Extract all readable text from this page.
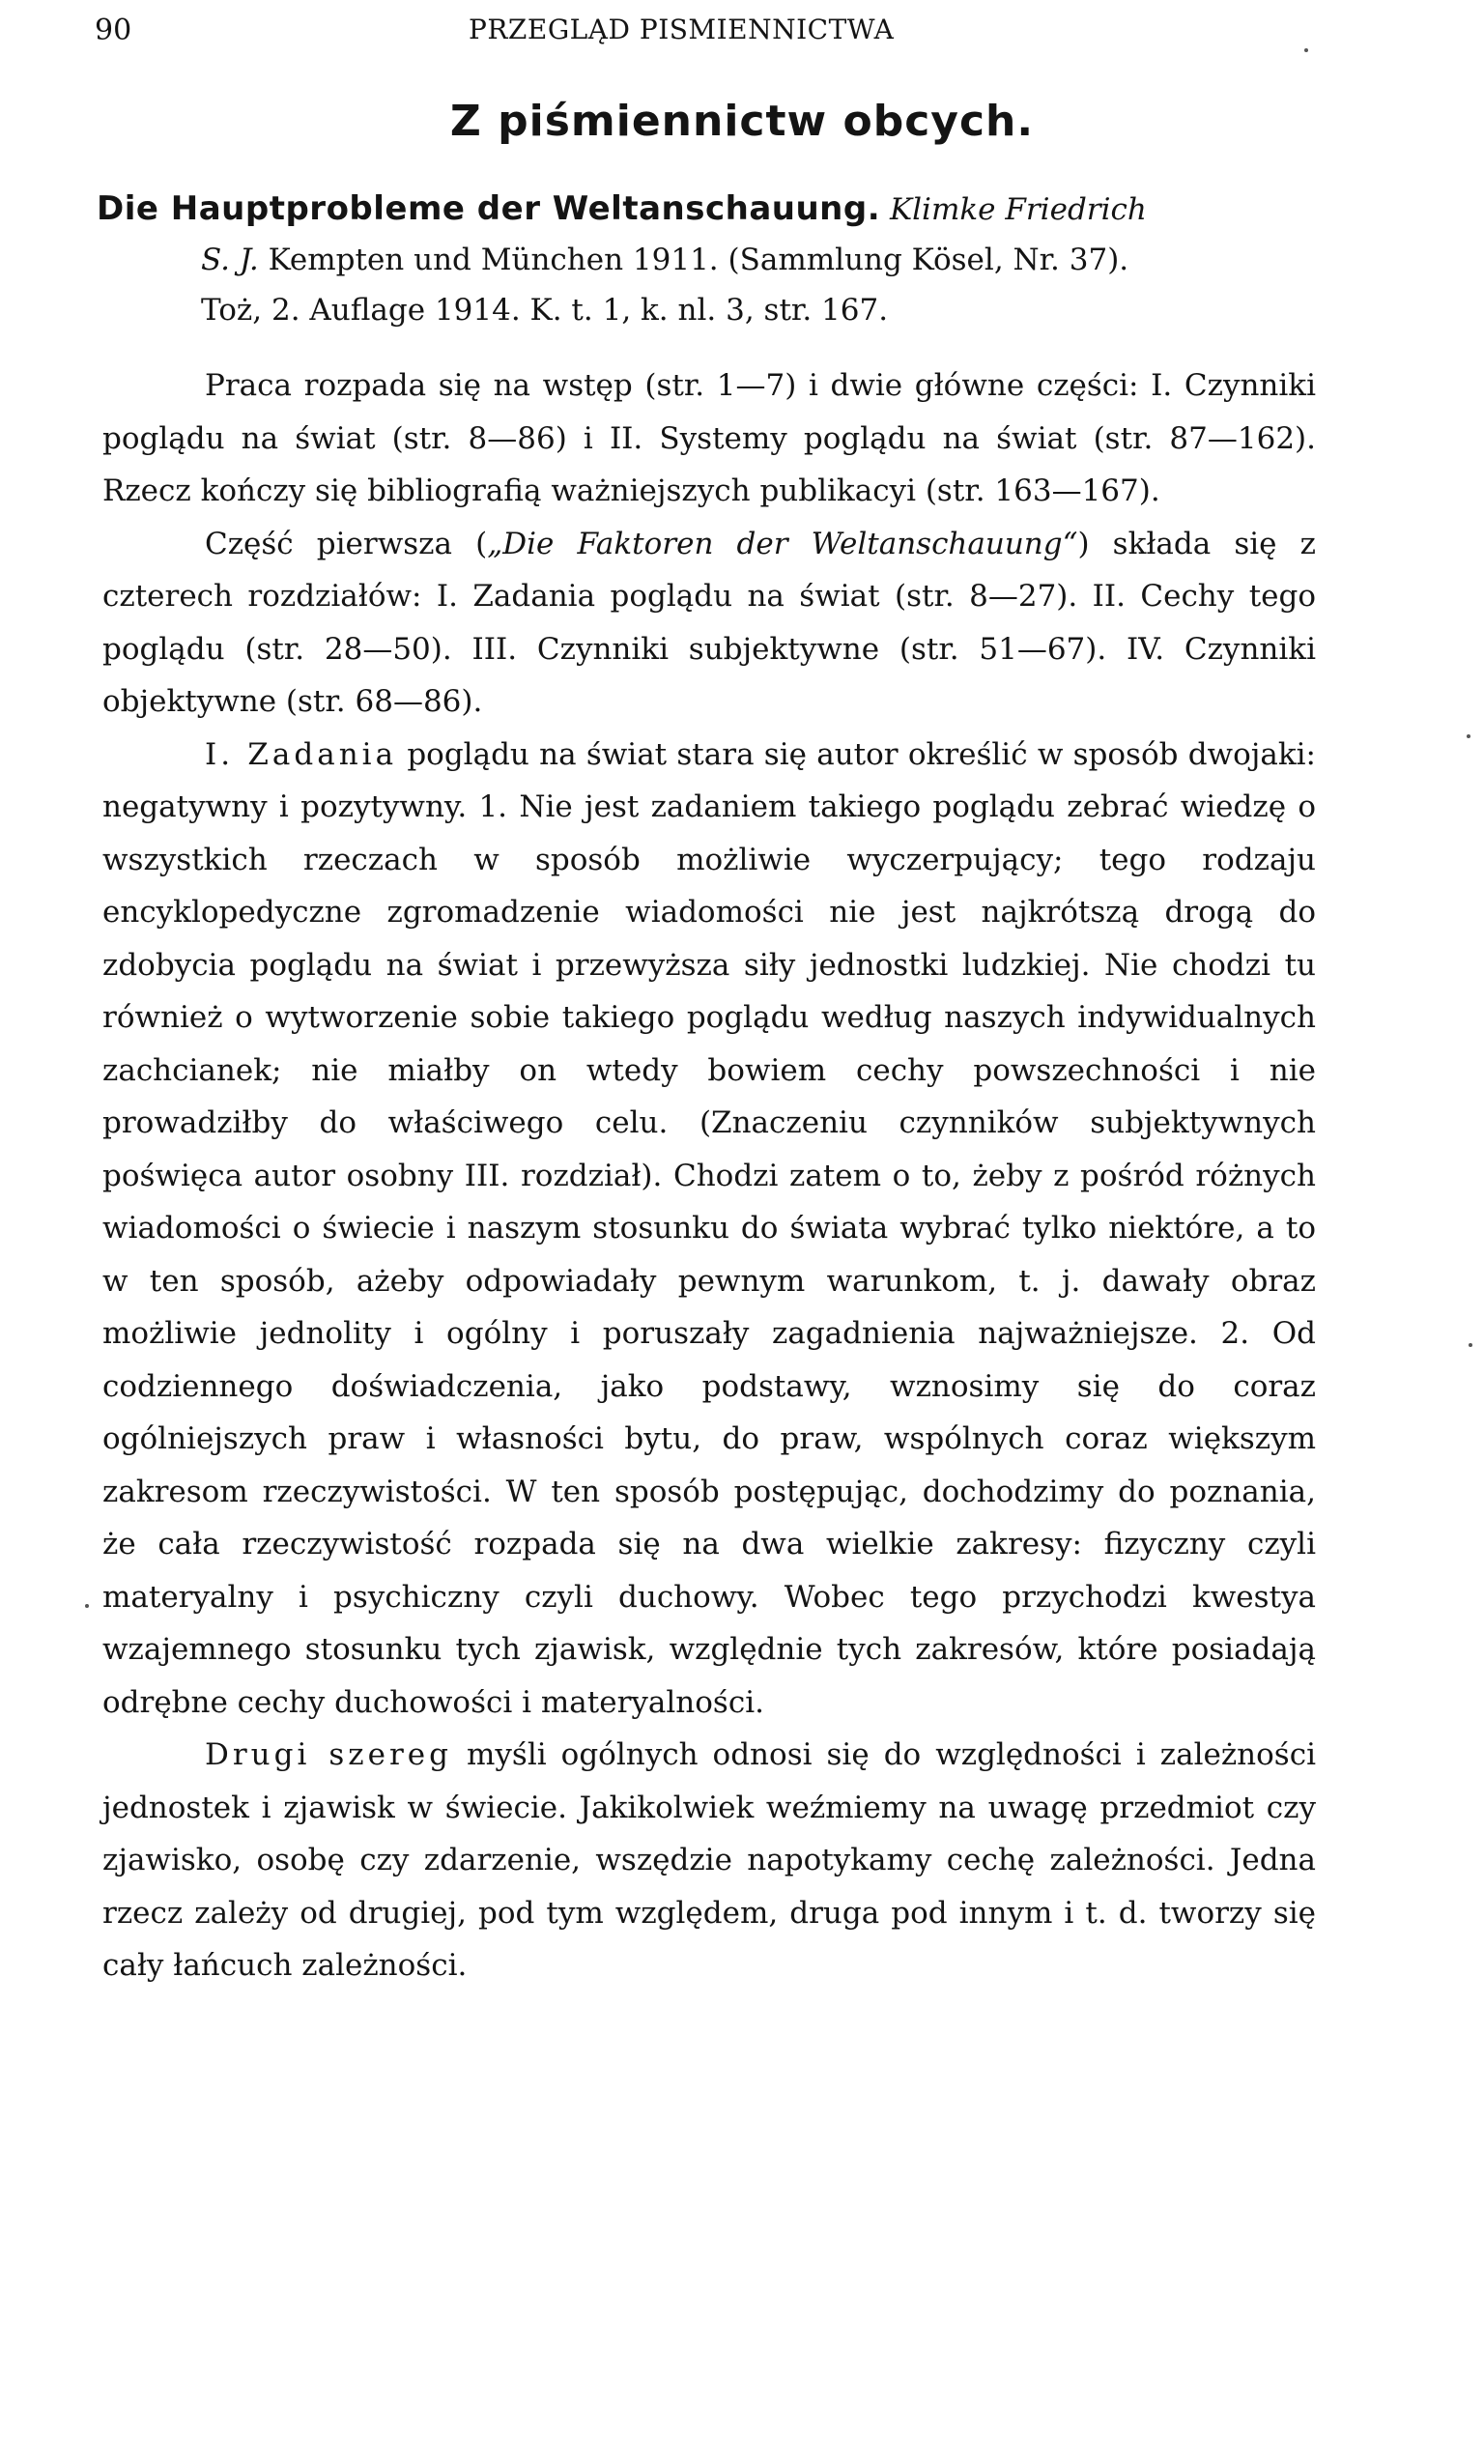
90	PRZEGLĄD PISMIENNICTWA
Z piśmiennictw obcych.
Die Hauptprobleme der Weltanschauung. Klimke Friedrich
S. J. Kempten und München 1911. (Sammlung Kösel, Nr. 37).
Toż, 2. Auflage 1914. K. t. 1, k. nl. 3, str. 167.

Praca rozpada się na wstęp (str. 1—7) i dwie główne części: I. Czynniki poglądu na świat (str. 8—86) i II. Systemy poglądu na świat (str. 87—162). Rzecz kończy się bibliografią ważniejszych publikacyi (str. 163—167).

Część pierwsza („Die Faktoren der Weltanschauung“) składa się z czterech rozdziałów: I. Zadania poglądu na świat (str. 8—27). II. Cechy tego poglądu (str. 28—50). III. Czynniki subjektywne (str. 51—67). IV. Czynniki objektywne (str. 68—86).

I. Zadania poglądu na świat stara się autor określić w sposób dwojaki: negatywny i pozytywny. 1. Nie jest zadaniem takiego poglądu zebrać wiedzę o wszystkich rzeczach w sposób możliwie wyczerpujący; tego rodzaju encyklopedyczne zgromadzenie wiadomości nie jest najkrótszą drogą do zdobycia poglądu na świat i przewyższa siły jednostki ludzkiej. Nie chodzi tu również o wytworzenie sobie takiego poglądu według naszych indywidualnych zachcianek; nie miałby on wtedy bowiem cechy powszechności i nie prowadziłby do właściwego celu. (Znaczeniu czynników subjektywnych poświęca autor osobny III. rozdział). Chodzi zatem o to, żeby z pośród różnych wiadomości o świecie i naszym stosunku do świata wybrać tylko niektóre, a to w ten sposób, ażeby odpowiadały pewnym warunkom, t. j. dawały obraz możliwie jednolity i ogólny i poruszały zagadnienia najważniejsze. 2. Od codziennego doświadczenia, jako podstawy, wznosimy się do coraz ogólniejszych praw i własności bytu, do praw, wspólnych coraz większym zakresom rzeczywistości. W ten sposób postępując, dochodzimy do poznania, że cała rzeczywistość rozpada się na dwa wielkie zakresy: fizyczny czyli materyalny i psychiczny czyli duchowy. Wobec tego przychodzi kwestya wzajemnego stosunku tych zjawisk, względnie tych zakresów, które posiadają odrębne cechy duchowości i materyalności.

Drugi szereg myśli ogólnych odnosi się do względności i zależności jednostek i zjawisk w świecie. Jakikolwiek weźmiemy na uwagę przedmiot czy zjawisko, osobę czy zdarzenie, wszędzie napotykamy cechę zależności. Jedna rzecz zależy od drugiej, pod tym względem, druga pod innym i t. d. tworzy się cały łańcuch zależności.
